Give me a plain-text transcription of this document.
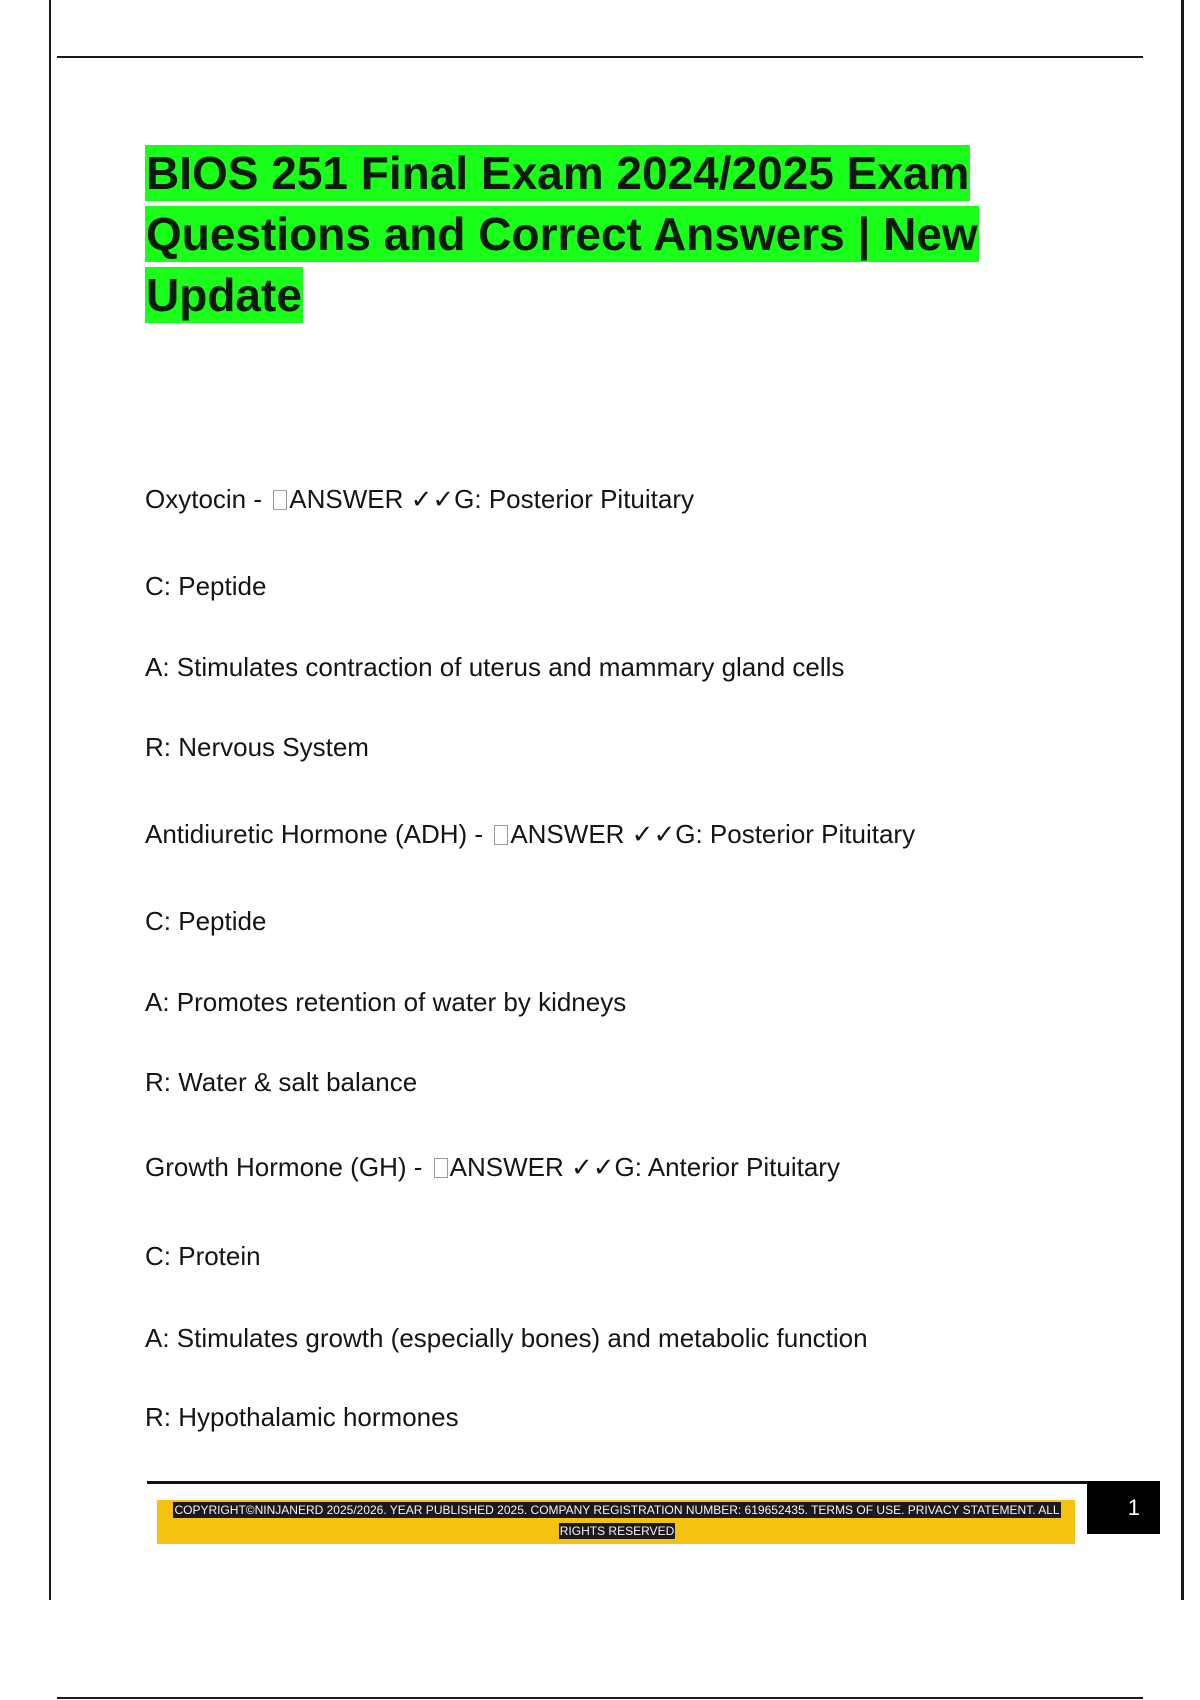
BIOS 251 Final Exam 2024/2025 Exam Questions and Correct Answers | New Update

Oxytocin - ANSWER ✓✓G: Posterior Pituitary

C: Peptide

A: Stimulates contraction of uterus and mammary gland cells

R: Nervous System

Antidiuretic Hormone (ADH) - ANSWER ✓✓G: Posterior Pituitary

C: Peptide

A: Promotes retention of water by kidneys

R: Water & salt balance

Growth Hormone (GH) - ANSWER ✓✓G: Anterior Pituitary

C: Protein

A: Stimulates growth (especially bones) and metabolic function

R: Hypothalamic hormones

COPYRIGHT©NINJANERD 2025/2026. YEAR PUBLISHED 2025. COMPANY REGISTRATION NUMBER: 619652435. TERMS OF USE. PRIVACY STATEMENT. ALL RIGHTS RESERVED
1
